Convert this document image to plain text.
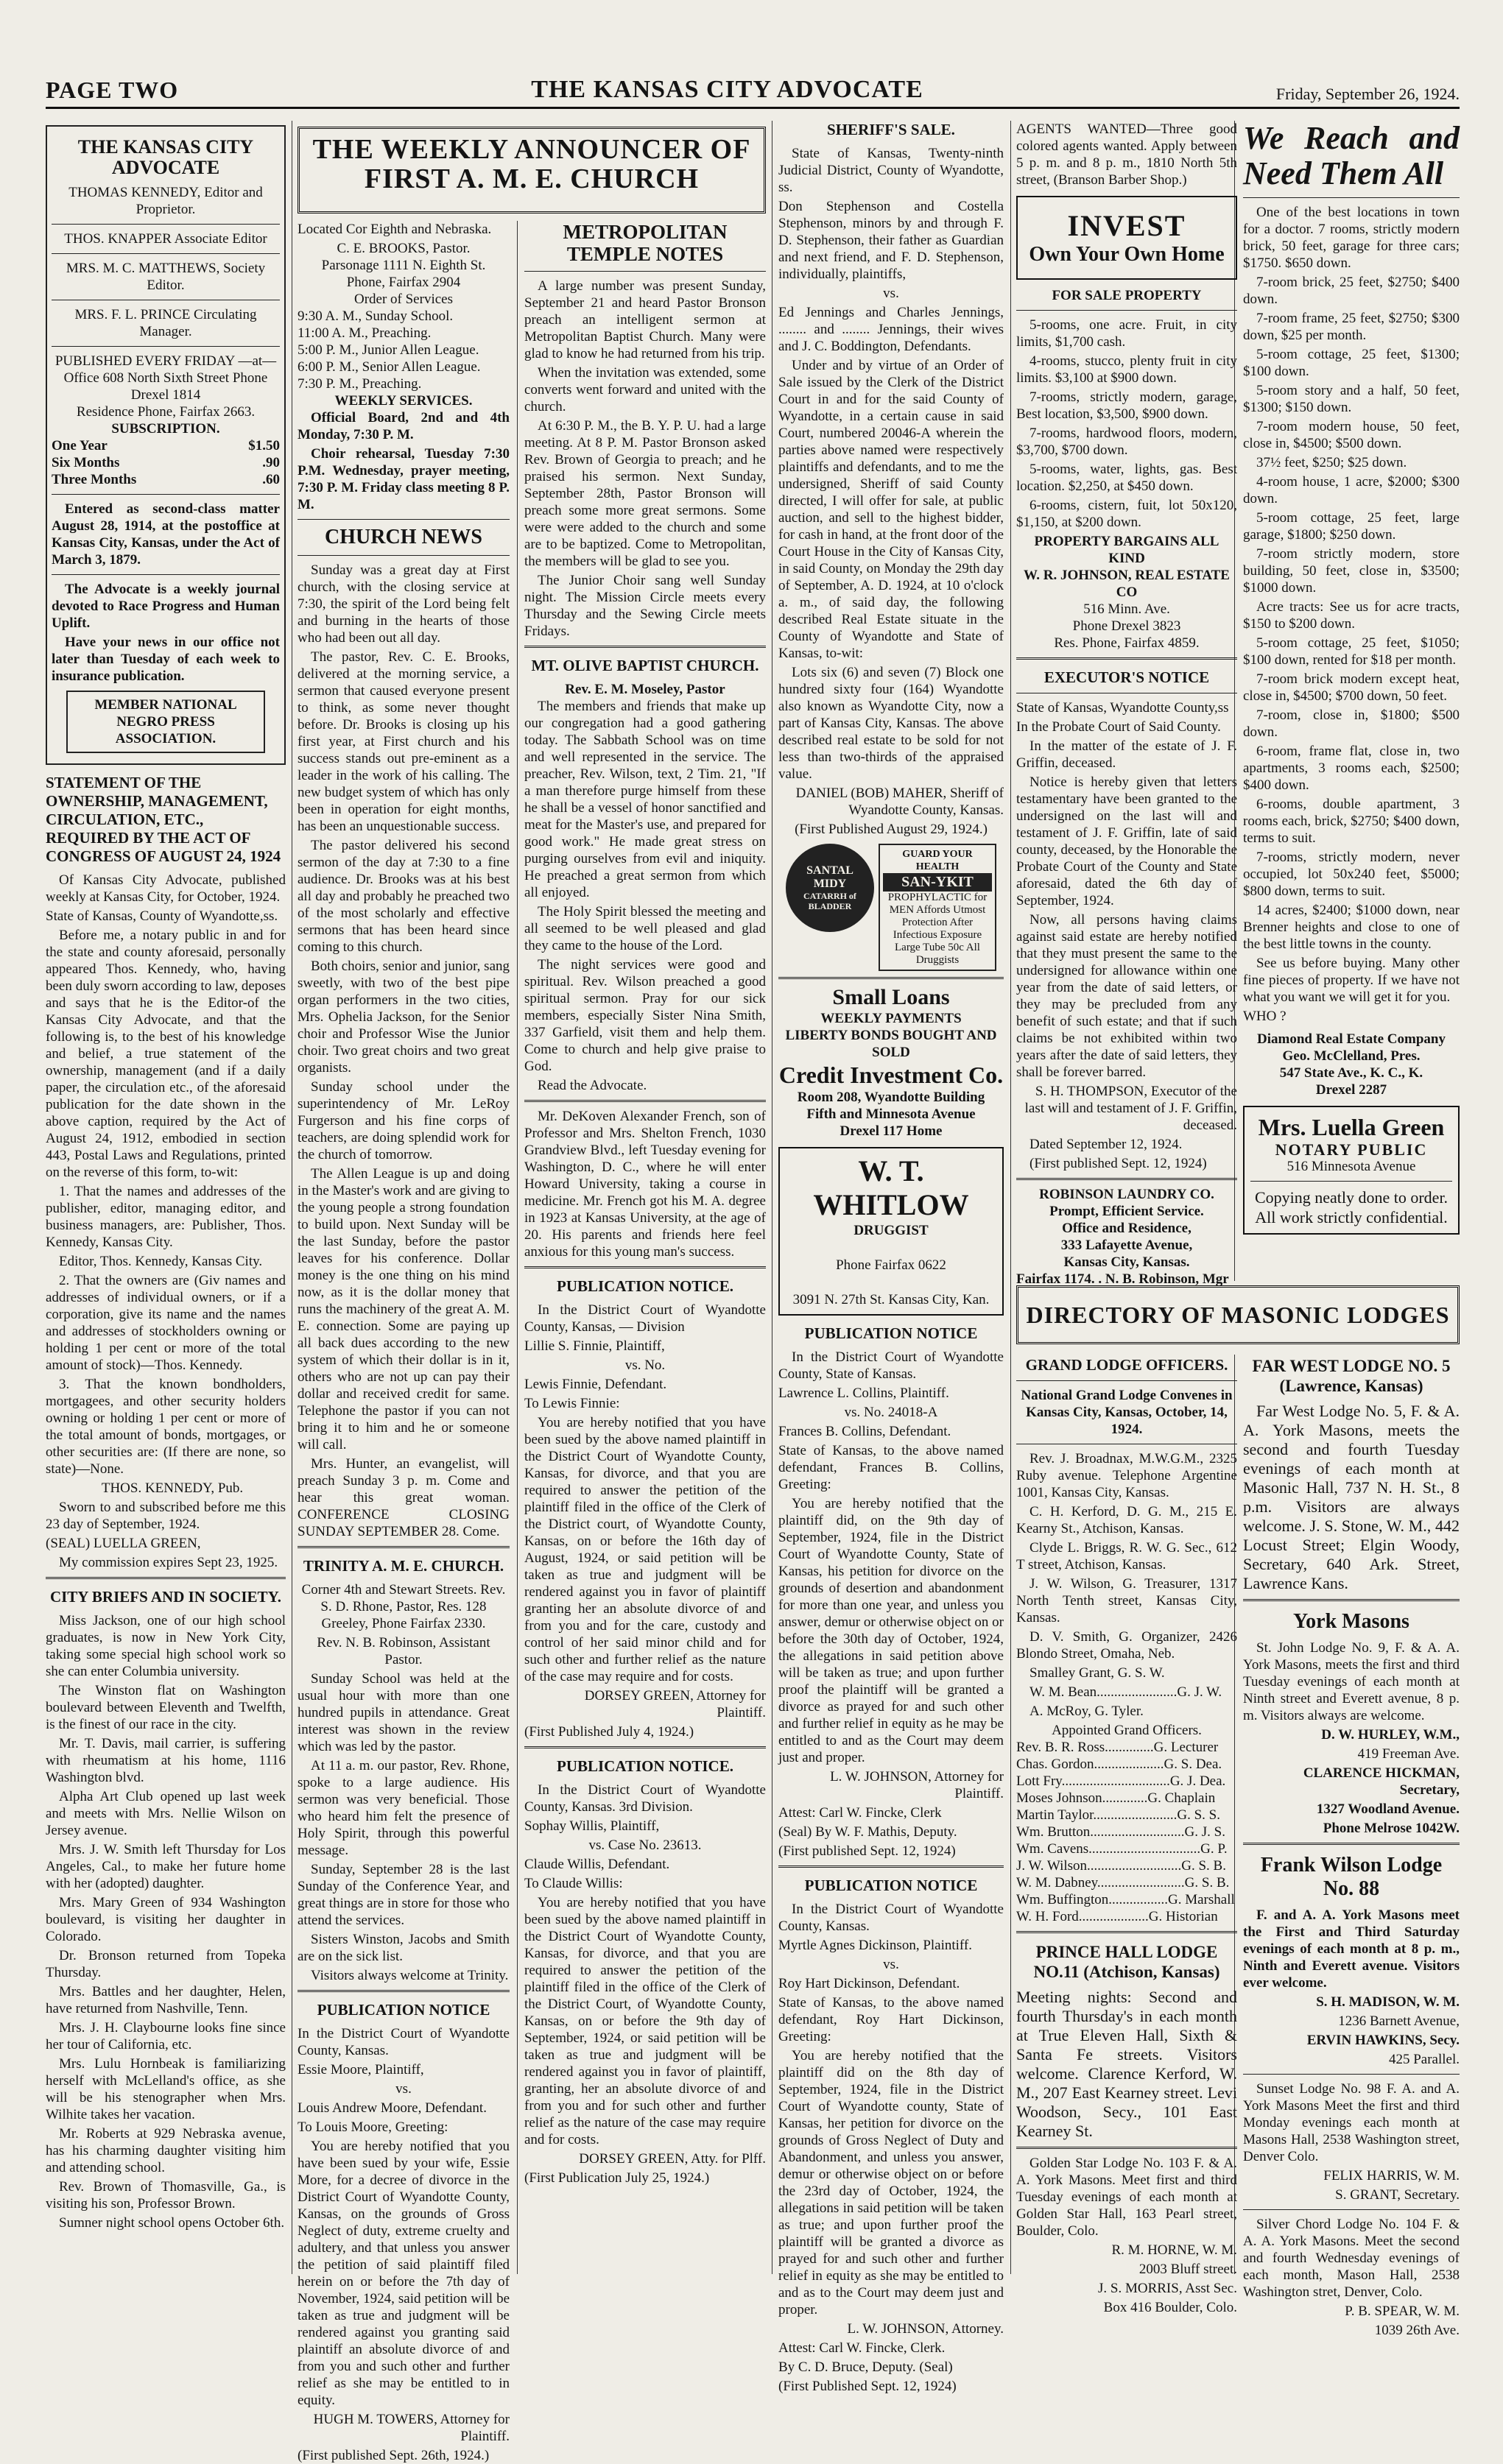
PAGE TWO	THE KANSAS CITY ADVOCATE	Friday, September 26, 1924.
THE KANSAS CITY ADVOCATE
THOMAS KENNEDY, Editor and Proprietor.
THOS. KNAPPER Associate Editor
MRS. M. C. MATTHEWS, Society Editor.
MRS. F. L. PRINCE Circulating Manager.
PUBLISHED EVERY FRIDAY —at—
Office 608 North Sixth Street Phone Drexel 1814
Residence Phone, Fairfax 2663.
SUBSCRIPTION.
One Year	$1.50
Six Months	.90
Three Months	.60

Entered as second-class matter August 28, 1914, at the postoffice at Kansas City, Kansas, under the Act of March 3, 1879.

The Advocate is a weekly journal devoted to Race Progress and Human Uplift.

Have your news in our office not later than Tuesday of each week to insurance publication.

MEMBER NATIONAL NEGRO PRESS ASSOCIATION.
STATEMENT OF THE OWNERSHIP, MANAGEMENT, CIRCULATION, ETC., REQUIRED BY THE ACT OF CONGRESS OF AUGUST 24, 1924

Of Kansas City Advocate, published weekly at Kansas City, for October, 1924.

State of Kansas, County of Wyandotte,ss.

Before me, a notary public in and for the state and county aforesaid, personally appeared Thos. Kennedy, who, having been duly sworn according to law, deposes and says that he is the Editor-of the Kansas City Advocate, and that the following is, to the best of his knowledge and belief, a true statement of the ownership, management (and if a daily paper, the circulation etc., of the aforesaid publication for the date shown in the above caption, required by the Act of August 24, 1912, embodied in section 443, Postal Laws and Regulations, printed on the reverse of this form, to-wit:

1. That the names and addresses of the publisher, editor, managing editor, and business managers, are: Publisher, Thos. Kennedy, Kansas City.

Editor, Thos. Kennedy, Kansas City.

2. That the owners are (Giv names and addresses of individual owners, or if a corporation, give its name and the names and addresses of stockholders owning or holding 1 per cent or more of the total amount of stock)—Thos. Kennedy.

3. That the known bondholders, mortgagees, and other security holders owning or holding 1 per cent or more of the total amount of bonds, mortgages, or other securities are: (If there are none, so state)—None.

THOS. KENNEDY, Pub.

Sworn to and subscribed before me this 23 day of September, 1924.

(SEAL) LUELLA GREEN,

My commission expires Sept 23, 1925.

CITY BRIEFS AND IN SOCIETY.

Miss Jackson, one of our high school graduates, is now in New York City, taking some special high school work so she can enter Columbia university.

The Winston flat on Washington boulevard between Eleventh and Twelfth, is the finest of our race in the city.

Mr. T. Davis, mail carrier, is suffering with rheumatism at his home, 1116 Washington blvd.

Alpha Art Club opened up last week and meets with Mrs. Nellie Wilson on Jersey avenue.

Mrs. J. W. Smith left Thursday for Los Angeles, Cal., to make her future home with her (adopted) daughter.

Mrs. Mary Green of 934 Washington boulevard, is visiting her daughter in Colorado.

Dr. Bronson returned from Topeka Thursday.

Mrs. Battles and her daughter, Helen, have returned from Nashville, Tenn.

Mrs. J. H. Claybourne looks fine since her tour of California, etc.

Mrs. Lulu Hornbeak is familiarizing herself with McLelland's office, as she will be his stenographer when Mrs. Wilhite takes her vacation.

Mr. Roberts at 929 Nebraska avenue, has his charming daughter visiting him and attending school.

Rev. Brown of Thomasville, Ga., is visiting his son, Professor Brown.

Sumner night school opens October 6th.

THE WEEKLY ANNOUNCER OF FIRST A. M. E. CHURCH

Located Cor Eighth and Nebraska.

C. E. BROOKS, Pastor.
Parsonage 1111 N. Eighth St.
Phone, Fairfax 2904
Order of Services
9:30 A. M., Sunday School.
11:00 A. M., Preaching.
5:00 P. M., Junior Allen League.
6:00 P. M., Senior Allen League.
7:30 P. M., Preaching.
WEEKLY SERVICES.

Official Board, 2nd and 4th Monday, 7:30 P. M.

Choir rehearsal, Tuesday 7:30 P.M. Wednesday, prayer meeting, 7:30 P. M. Friday class meeting 8 P. M.

CHURCH NEWS

Sunday was a great day at First church, with the closing service at 7:30, the spirit of the Lord being felt and burning in the hearts of those who had been out all day.

The pastor, Rev. C. E. Brooks, delivered at the morning service, a sermon that caused everyone present to think, as some never thought before. Dr. Brooks is closing up his first year, at First church and his success stands out pre-eminent as a leader in the work of his calling. The new budget system of which has only been in operation for eight months, has been an unquestionable success.

The pastor delivered his second sermon of the day at 7:30 to a fine audience. Dr. Brooks was at his best all day and probably he preached two of the most scholarly and effective sermons that has been heard since coming to this church.

Both choirs, senior and junior, sang sweetly, with two of the best pipe organ performers in the two cities, Mrs. Ophelia Jackson, for the Senior choir and Professor Wise the Junior choir. Two great choirs and two great organists.

Sunday school under the superintendency of Mr. LeRoy Furgerson and his fine corps of teachers, are doing splendid work for the church of tomorrow.

The Allen League is up and doing in the Master's work and are giving to the young people a strong foundation to build upon. Next Sunday will be the last Sunday, before the pastor leaves for his conference. Dollar money is the one thing on his mind now, as it is the dollar money that runs the machinery of the great A. M. E. connection. Some are paying up all back dues according to the new system of which their dollar is in it, others who are not up can pay their dollar and received credit for same. Telephone the pastor if you can not bring it to him and he or someone will call.

Mrs. Hunter, an evangelist, will preach Sunday 3 p. m. Come and hear this great woman. CONFERENCE CLOSING SUNDAY SEPTEMBER 28. Come.

TRINITY A. M. E. CHURCH.

Corner 4th and Stewart Streets. Rev. S. D. Rhone, Pastor, Res. 128 Greeley, Phone Fairfax 2330.

Rev. N. B. Robinson, Assistant Pastor.

Sunday School was held at the usual hour with more than one hundred pupils in attendance. Great interest was shown in the review which was led by the pastor.

At 11 a. m. our pastor, Rev. Rhone, spoke to a large audience. His sermon was very beneficial. Those who heard him felt the presence of Holy Spirit, through this powerful message.

Sunday, September 28 is the last Sunday of the Conference Year, and great things are in store for those who attend the services.

Sisters Winston, Jacobs and Smith are on the sick list.

Visitors always welcome at Trinity.

PUBLICATION NOTICE

In the District Court of Wyandotte County, Kansas.

Essie Moore, Plaintiff,

vs.

Louis Andrew Moore, Defendant.

To Louis Moore, Greeting:

You are hereby notified that you have been sued by your wife, Essie More, for a decree of divorce in the District Court of Wyandotte County, Kansas, on the grounds of Gross Neglect of duty, extreme cruelty and adultery, and that unless you answer the petition of said plaintiff filed herein on or before the 7th day of November, 1924, said petition will be taken as true and judgment will be rendered against you granting said plaintiff an absolute divorce of and from you and such other and further relief as she may be entitled to in equity.

HUGH M. TOWERS, Attorney for Plaintiff.

(First published Sept. 26th, 1924.)

METROPOLITAN TEMPLE NOTES

A large number was present Sunday, September 21 and heard Pastor Bronson preach an intelligent sermon at Metropolitan Baptist Church. Many were glad to know he had returned from his trip.

When the invitation was extended, some converts went forward and united with the church.

At 6:30 P. M., the B. Y. P. U. had a large meeting. At 8 P. M. Pastor Bronson asked Rev. Brown of Georgia to preach; and he praised his sermon. Next Sunday, September 28th, Pastor Bronson will preach some more great sermons. Some were were added to the church and some are to be baptized. Come to Metropolitan, the members will be glad to see you.

The Junior Choir sang well Sunday night. The Mission Circle meets every Thursday and the Sewing Circle meets Fridays.

MT. OLIVE BAPTIST CHURCH.
Rev. E. M. Moseley, Pastor

The members and friends that make up our congregation had a good gathering today. The Sabbath School was on time and well represented in the service. The preacher, Rev. Wilson, text, 2 Tim. 21, "If a man therefore purge himself from these he shall be a vessel of honor sanctified and meat for the Master's use, and prepared for good work." He made great stress on purging ourselves from evil and iniquity. He preached a great sermon from which all enjoyed.

The Holy Spirit blessed the meeting and all seemed to be well pleased and glad they came to the house of the Lord.

The night services were good and spiritual. Rev. Wilson preached a good spiritual sermon. Pray for our sick members, especially Sister Nina Smith, 337 Garfield, visit them and help them. Come to church and help give praise to God.

Read the Advocate.

Mr. DeKoven Alexander French, son of Professor and Mrs. Shelton French, 1030 Grandview Blvd., left Tuesday evening for Washington, D. C., where he will enter Howard University, taking a course in medicine. Mr. French got his M. A. degree in 1923 at Kansas University, at the age of 20. His parents and friends here feel anxious for this young man's success.

PUBLICATION NOTICE.

In the District Court of Wyandotte County, Kansas, — Division

Lillie S. Finnie, Plaintiff,

vs. No.

Lewis Finnie, Defendant.

To Lewis Finnie:

You are hereby notified that you have been sued by the above named plaintiff in the District Court of Wyandotte County, Kansas, for divorce, and that you are required to answer the petition of the plaintiff filed in the office of the Clerk of the District court, of Wyandotte County, Kansas, on or before the 16th day of August, 1924, or said petition will be taken as true and judgment will be rendered against you in favor of plaintiff granting her an absolute divorce of and from you and for the care, custody and control of her said minor child and for such other and further relief as the nature of the case may require and for costs.

DORSEY GREEN, Attorney for Plaintiff.

(First Published July 4, 1924.)

PUBLICATION NOTICE.

In the District Court of Wyandotte County, Kansas. 3rd Division.

Sophay Willis, Plaintiff,

vs. Case No. 23613.

Claude Willis, Defendant.

To Claude Willis:

You are hereby notified that you have been sued by the above named plaintiff in the District Court of Wyandotte County, Kansas, for divorce, and that you are required to answer the petition of the plaintiff filed in the office of the Clerk of the District Court, of Wyandotte County, Kansas, on or before the 9th day of September, 1924, or said petition will be taken as true and judgment will be rendered against you in favor of plaintiff, granting, her an absolute divorce of and from you and for such other and further relief as the nature of the case may require and for costs.

DORSEY GREEN, Atty. for Plff.

(First Publication July 25, 1924.)

SHERIFF'S SALE.

State of Kansas, Twenty-ninth Judicial District, County of Wyandotte, ss.

Don Stephenson and Costella Stephenson, minors by and through F. D. Stephenson, their father as Guardian and next friend, and F. D. Stephenson, individually, plaintiffs,

vs.

Ed Jennings and Charles Jennings, ........ and ........ Jennings, their wives and J. C. Boddington, Defendants.

Under and by virtue of an Order of Sale issued by the Clerk of the District Court in and for the said County of Wyandotte, in a certain cause in said Court, numbered 20046-A wherein the parties above named were respectively plaintiffs and defendants, and to me the undersigned, Sheriff of said County directed, I will offer for sale, at public auction, and sell to the highest bidder, for cash in hand, at the front door of the Court House in the City of Kansas City, in said County, on Monday the 29th day of September, A. D. 1924, at 10 o'clock a. m., of said day, the following described Real Estate situate in the County of Wyandotte and State of Kansas, to-wit:

Lots six (6) and seven (7) Block one hundred sixty four (164) Wyandotte also known as Wyandotte City, now a part of Kansas City, Kansas. The above described real estate to be sold for not less than two-thirds of the appraised value.

DANIEL (BOB) MAHER, Sheriff of Wyandotte County, Kansas.

(First Published August 29, 1924.)

SANTAL MIDY
CATARRH of BLADDER
GUARD YOUR HEALTH
SAN-YKIT
PROPHYLACTIC for MEN Affords Utmost Protection After Infectious Exposure Large Tube 50c All Druggists
Small Loans
WEEKLY PAYMENTS
LIBERTY BONDS BOUGHT AND SOLD
Credit Investment Co.
Room 208, Wyandotte Building
Fifth and Minnesota Avenue
Drexel 117 Home
W. T. WHITLOW
DRUGGIST
Phone Fairfax 0622
3091 N. 27th St. Kansas City, Kan.
PUBLICATION NOTICE

In the District Court of Wyandotte County, State of Kansas.

Lawrence L. Collins, Plaintiff.

vs. No. 24018-A

Frances B. Collins, Defendant.

State of Kansas, to the above named defendant, Frances B. Collins, Greeting:

You are hereby notified that the plaintiff did, on the 9th day of September, 1924, file in the District Court of Wyandotte County, State of Kansas, his petition for divorce on the grounds of desertion and abandonment for more than one year, and unless you answer, demur or otherwise object on or before the 30th day of October, 1924, the allegations in said petition above will be taken as true; and upon further proof the plaintiff will be granted a divorce as prayed for and such other and further relief in equity as he may be entitled to and as the Court may deem just and proper.

L. W. JOHNSON, Attorney for Plaintiff.

Attest: Carl W. Fincke, Clerk

(Seal) By W. F. Mathis, Deputy.

(First published Sept. 12, 1924)

PUBLICATION NOTICE

In the District Court of Wyandotte County, Kansas.

Myrtle Agnes Dickinson, Plaintiff.

vs.

Roy Hart Dickinson, Defendant.

State of Kansas, to the above named defendant, Roy Hart Dickinson, Greeting:

You are hereby notified that the plaintiff did on the 8th day of September, 1924, file in the District Court of Wyandotte county, State of Kansas, her petition for divorce on the grounds of Gross Neglect of Duty and Abandonment, and unless you answer, demur or otherwise object on or before the 23rd day of October, 1924, the allegations in said petition will be taken as true; and upon further proof the plaintiff will be granted a divorce as prayed for and such other and further relief in equity as she may be entitled to and as to the Court may deem just and proper.

L. W. JOHNSON, Attorney.

Attest: Carl W. Fincke, Clerk.

By C. D. Bruce, Deputy. (Seal)

(First Published Sept. 12, 1924)

AGENTS WANTED—Three good colored agents wanted. Apply between 5 p. m. and 8 p. m., 1810 North 5th street, (Branson Barber Shop.)

INVEST
Own Your Own Home
FOR SALE PROPERTY

5-rooms, one acre. Fruit, in city limits, $1,700 cash.

4-rooms, stucco, plenty fruit in city limits. $3,100 at $900 down.

7-rooms, strictly modern, garage, Best location, $3,500, $900 down.

7-rooms, hardwood floors, modern, $3,700, $700 down.

5-rooms, water, lights, gas. Best location. $2,250, at $450 down.

6-rooms, cistern, fuit, lot 50x120, $1,150, at $200 down.

PROPERTY BARGAINS ALL KIND
W. R. JOHNSON, REAL ESTATE CO
516 Minn. Ave.
Phone Drexel 3823
Res. Phone, Fairfax 4859.
EXECUTOR'S NOTICE

State of Kansas, Wyandotte County,ss

In the Probate Court of Said County.

In the matter of the estate of J. F. Griffin, deceased.

Notice is hereby given that letters testamentary have been granted to the undersigned on the last will and testament of J. F. Griffin, late of said county, deceased, by the Honorable the Probate Court of the County and State aforesaid, dated the 6th day of September, 1924.

Now, all persons having claims against said estate are hereby notified that they must present the same to the undersigned for allowance within one year from the date of said letters, or they may be precluded from any benefit of such estate; and that if such claims be not exhibited within two years after the date of said letters, they shall be forever barred.

S. H. THOMPSON, Executor of the last will and testament of J. F. Griffin, deceased.

Dated September 12, 1924.

(First published Sept. 12, 1924)

ROBINSON LAUNDRY CO.
Prompt, Efficient Service.
Office and Residence,
333 Lafayette Avenue,
Kansas City, Kansas.
Fairfax 1174. . N. B. Robinson, Mgr
We Reach and Need Them All

One of the best locations in town for a doctor. 7 rooms, strictly modern brick, 50 feet, garage for three cars; $1750. $650 down.

7-room brick, 25 feet, $2750; $400 down.

7-room frame, 25 feet, $2750; $300 down, $25 per month.

5-room cottage, 25 feet, $1300; $100 down.

5-room story and a half, 50 feet, $1300; $150 down.

7-room modern house, 50 feet, close in, $4500; $500 down.

37½ feet, $250; $25 down.

4-room house, 1 acre, $2000; $300 down.

5-room cottage, 25 feet, large garage, $1800; $250 down.

7-room strictly modern, store building, 50 feet, close in, $3500; $1000 down.

Acre tracts: See us for acre tracts, $150 to $200 down.

5-room cottage, 25 feet, $1050; $100 down, rented for $18 per month.

7-room brick modern except heat, close in, $4500; $700 down, 50 feet.

7-room, close in, $1800; $500 down.

6-room, frame flat, close in, two apartments, 3 rooms each, $2500; $400 down.

6-rooms, double apartment, 3 rooms each, brick, $2750; $400 down, terms to suit.

7-rooms, strictly modern, never occupied, lot 50x240 feet, $5000; $800 down, terms to suit.

14 acres, $2400; $1000 down, near Brenner heights and close to one of the best little towns in the county.

See us before buying. Many other fine pieces of property. If we have not what you want we will get it for you.

WHO ?

Diamond Real Estate Company
Geo. McClelland, Pres.
547 State Ave., K. C., K.
Drexel 2287
Mrs. Luella Green
NOTARY PUBLIC
516 Minnesota Avenue
Copying neatly done to order. All work strictly confidential.
DIRECTORY OF MASONIC LODGES
GRAND LODGE OFFICERS.

National Grand Lodge Convenes in Kansas City, Kansas, October, 14, 1924.

Rev. J. Broadnax, M.W.G.M., 2325 Ruby avenue. Telephone Argentine 1001, Kansas City, Kansas.

C. H. Kerford, D. G. M., 215 E. Kearny St., Atchison, Kansas.

Clyde L. Briggs, R. W. G. Sec., 612 T street, Atchison, Kansas.

J. W. Wilson, G. Treasurer, 1317 North Tenth street, Kansas City, Kansas.

D. V. Smith, G. Organizer, 2426 Blondo Street, Omaha, Neb.

Smalley Grant, G. S. W.

W. M. Bean.......................G. J. W.

A. McRoy, G. Tyler.

Appointed Grand Officers.

Rev. B. R. Ross..............G. Lecturer

Chas. Gordon....................G. S. Dea.

Lott Fry...............................G. J. Dea.

Moses Johnson.............G. Chaplain

Martin Taylor........................G. S. S.

Wm. Brutton...........................G. J. S.

Wm. Cavens................................G. P.

J. W. Wilson...........................G. S. B.

W. M. Dabney.........................G. S. B.

Wm. Buffington.................G. Marshall

W. H. Ford....................G. Historian

PRINCE HALL LODGE NO.11 (Atchison, Kansas)

Meeting nights: Second and fourth Thursday's in each month at True Eleven Hall, Sixth & Santa Fe streets. Visitors welcome. Clarence Kerford, W. M., 207 East Kearney street. Levi Woodson, Secy., 101 East Kearney St.

Golden Star Lodge No. 103 F. & A. A. York Masons. Meet first and third Tuesday evenings of each month at Golden Star Hall, 163 Pearl street, Boulder, Colo.

R. M. HORNE, W. M.

2003 Bluff street.

J. S. MORRIS, Asst Sec.

Box 416 Boulder, Colo.

FAR WEST LODGE NO. 5 (Lawrence, Kansas)

Far West Lodge No. 5, F. & A. A. York Masons, meets the second and fourth Tuesday evenings of each month at Masonic Hall, 737 N. H. St., 8 p.m. Visitors are always welcome. J. S. Stone, W. M., 442 Locust Street; Elgin Woody, Secretary, 640 Ark. Street, Lawrence Kans.

York Masons

St. John Lodge No. 9, F. & A. A. York Masons, meets the first and third Tuesday evenings of each month at Ninth street and Everett avenue, 8 p. m. Visitors always are welcome.

D. W. HURLEY, W.M.,

419 Freeman Ave.

CLARENCE HICKMAN, Secretary,

1327 Woodland Avenue.

Phone Melrose 1042W.

Frank Wilson Lodge No. 88

F. and A. A. York Masons meet the First and Third Saturday evenings of each month at 8 p. m., Ninth and Everett avenue. Visitors ever welcome.

S. H. MADISON, W. M.

1236 Barnett Avenue,

ERVIN HAWKINS, Secy.

425 Parallel.

Sunset Lodge No. 98 F. A. and A. York Masons Meet the first and third Monday evenings each month at Masons Hall, 2538 Washington street, Denver Colo.

FELIX HARRIS, W. M.

S. GRANT, Secretary.

Silver Chord Lodge No. 104 F. & A. A. York Masons. Meet the second and fourth Wednesday evenings of each month, Mason Hall, 2538 Washington stret, Denver, Colo.

P. B. SPEAR, W. M.

1039 26th Ave.
